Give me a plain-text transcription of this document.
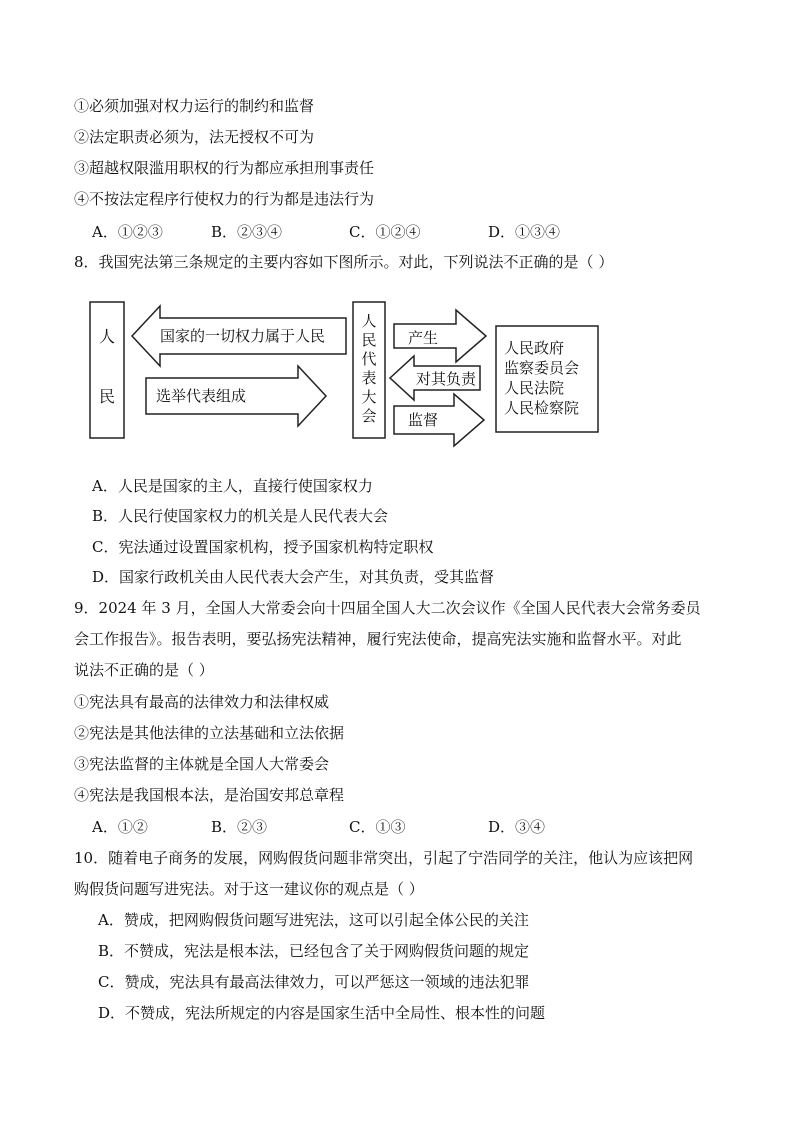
①必须加强对权力运行的制约和监督
②法定职责必须为，法无授权不可为
③超越权限滥用职权的行为都应承担刑事责任
④不按法定程序行使权力的行为都是违法行为
A．①②③	B．②③④	C．①②④	D．①③④
8．我国宪法第三条规定的主要内容如下图所示。对此，下列说法不正确的是（ ）
人
民
国家的一切权力属于人民
选举代表组成
人
民
代
表
大
会
产生
对其负责
监督
人民政府
监察委员会
人民法院
人民检察院
A．人民是国家的主人，直接行使国家权力
B．人民行使国家权力的机关是人民代表大会
C．宪法通过设置国家机构，授予国家机构特定职权
D．国家行政机关由人民代表大会产生，对其负责，受其监督
9．2024 年 3 月，全国人大常委会向十四届全国人大二次会议作《全国人民代表大会常务委员
会工作报告》。报告表明，要弘扬宪法精神，履行宪法使命，提高宪法实施和监督水平。对此
说法不正确的是（ ）
①宪法具有最高的法律效力和法律权威
②宪法是其他法律的立法基础和立法依据
③宪法监督的主体就是全国人大常委会
④宪法是我国根本法，是治国安邦总章程
A．①②	B．②③	C．①③	D．③④
10．随着电子商务的发展，网购假货问题非常突出，引起了宁浩同学的关注，他认为应该把网
购假货问题写进宪法。对于这一建议你的观点是（ ）
A．赞成，把网购假货问题写进宪法，这可以引起全体公民的关注
B．不赞成，宪法是根本法，已经包含了关于网购假货问题的规定
C．赞成，宪法具有最高法律效力，可以严惩这一领域的违法犯罪
D．不赞成，宪法所规定的内容是国家生活中全局性、根本性的问题
